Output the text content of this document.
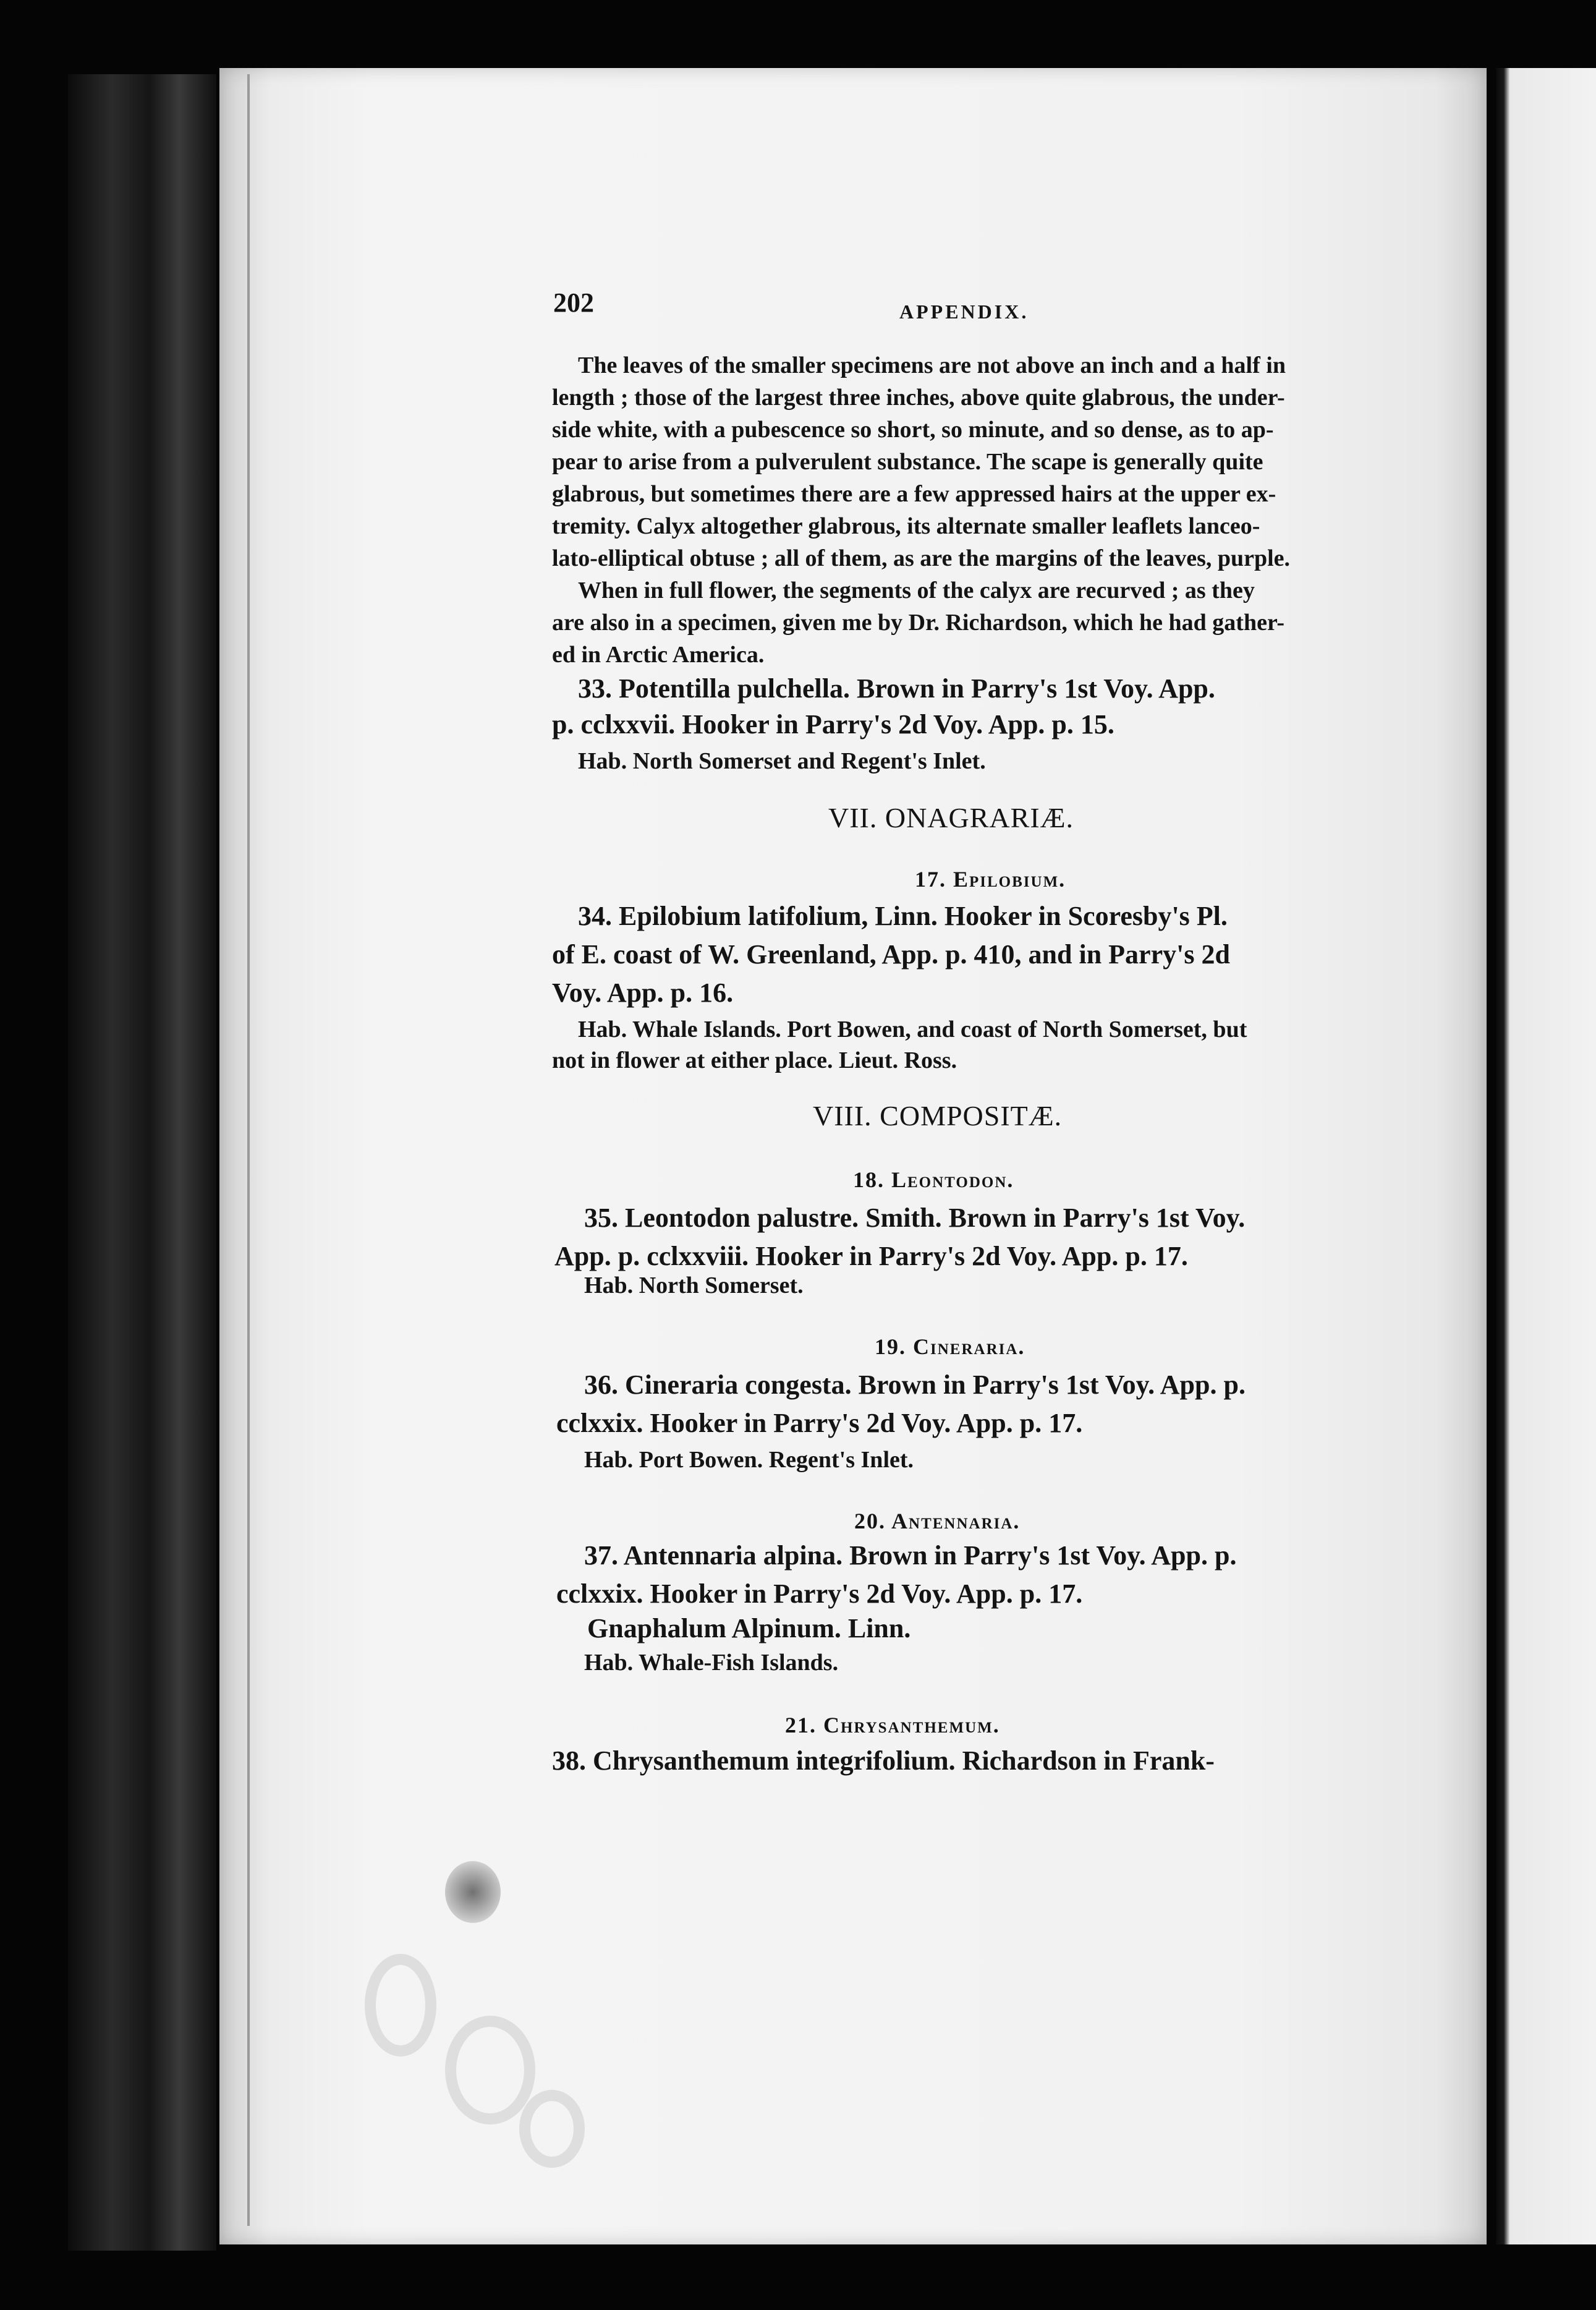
202	APPENDIX.
The leaves of the smaller specimens are not above an inch and a half in
length ; those of the largest three inches, above quite glabrous, the under-
side white, with a pubescence so short, so minute, and so dense, as to ap-
pear to arise from a pulverulent substance. The scape is generally quite
glabrous, but sometimes there are a few appressed hairs at the upper ex-
tremity. Calyx altogether glabrous, its alternate smaller leaflets lanceo-
lato-elliptical obtuse ; all of them, as are the margins of the leaves, purple.
When in full flower, the segments of the calyx are recurved ; as they
are also in a specimen, given me by Dr. Richardson, which he had gather-
ed in Arctic America.
33. Potentilla pulchella. Brown in Parry's 1st Voy. App.
p. cclxxvii. Hooker in Parry's 2d Voy. App. p. 15.
Hab. North Somerset and Regent's Inlet.
VII. ONAGRARIÆ.
17. Epilobium.
34. Epilobium latifolium, Linn. Hooker in Scoresby's Pl.
of E. coast of W. Greenland, App. p. 410, and in Parry's 2d
Voy. App. p. 16.
Hab. Whale Islands. Port Bowen, and coast of North Somerset, but
not in flower at either place. Lieut. Ross.
VIII. COMPOSITÆ.
18. Leontodon.
35. Leontodon palustre. Smith. Brown in Parry's 1st Voy.
App. p. cclxxviii. Hooker in Parry's 2d Voy. App. p. 17.
Hab. North Somerset.
19. Cineraria.
36. Cineraria congesta. Brown in Parry's 1st Voy. App. p.
cclxxix. Hooker in Parry's 2d Voy. App. p. 17.
Hab. Port Bowen. Regent's Inlet.
20. Antennaria.
37. Antennaria alpina. Brown in Parry's 1st Voy. App. p.
cclxxix. Hooker in Parry's 2d Voy. App. p. 17.
Gnaphalum Alpinum. Linn.
Hab. Whale-Fish Islands.
21. Chrysanthemum.
38. Chrysanthemum integrifolium. Richardson in Frank-
